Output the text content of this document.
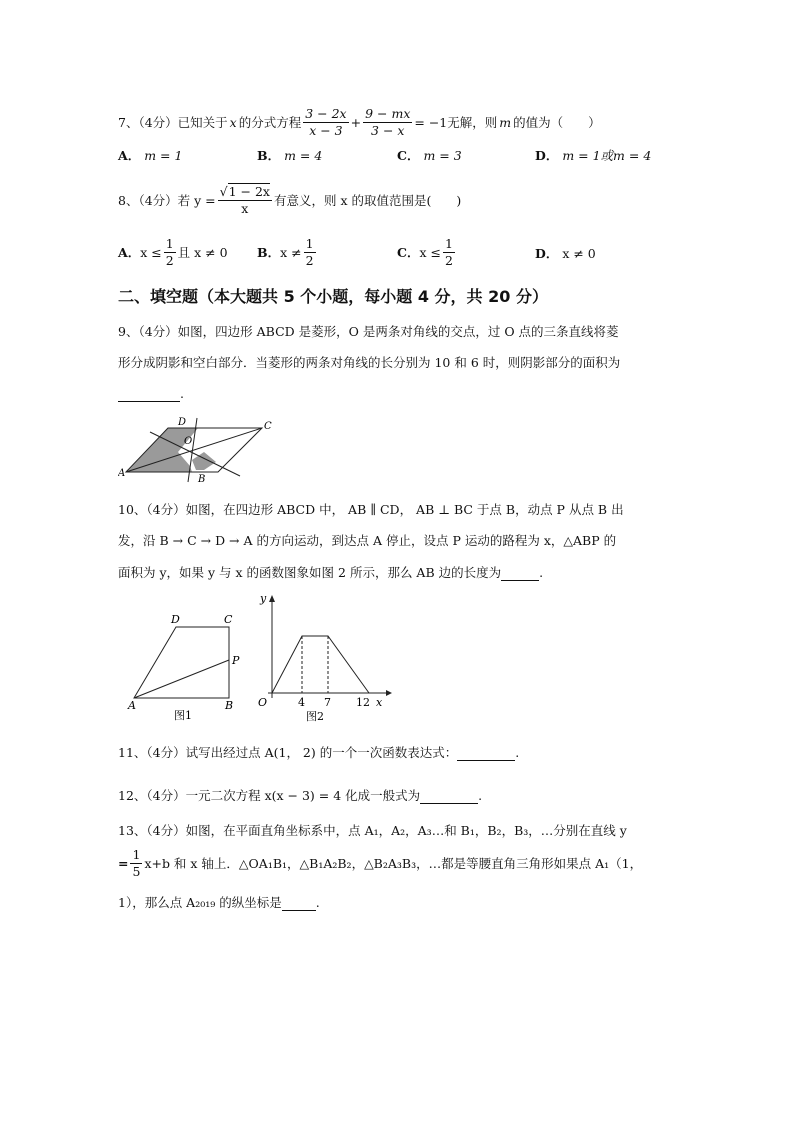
7、（4分）已知关于 x 的分式方程 $\frac{3 - 2x}{x - 3} + \frac{9 - mx}{3 - x} = -1$ 无解，则 m 的值为（　　）
A． m = 1	B． m = 4	C． m = 3	D． m = 1或m = 4
8、（4分）若 $y = \frac{√1 - 2x}{x}$ 有意义，则 x 的取值范围是(　　)
A． $x \le \frac{1}{2}$ 且 x ≠ 0 B． $x \ne \frac{1}{2}$	C． $x \le \frac{1}{2}$	D． x ≠ 0
二、填空题（本大题共 5 个小题，每小题 4 分，共 20 分）
9、（4分）如图，四边形 ABCD 是菱形，O 是两条对角线的交点，过 O 点的三条直线将菱
形分成阴影和空白部分．当菱形的两条对角线的长分别为 10 和 6 时，则阴影部分的面积为
.
D	C
O
A
B
10、（4分）如图，在四边形 ABCD 中， AB ∥ CD， AB ⊥ BC 于点 B，动点 P 从点 B 出
发，沿 B → C → D → A 的方向运动，到达点 A 停止，设点 P 运动的路程为 x，△ABP 的
面积为 y，如果 y 与 x 的函数图象如图 2 所示，那么 AB 边的长度为	.
D	C
P
A	B
图1
y
x
O	4 7 12
图2
11、（4分）试写出经过点 A(1， 2) 的一个一次函数表达式：	.
12、（4分）一元二次方程 x(x − 3) = 4 化成一般式为	.
13、（4分）如图，在平面直角坐标系中，点 A₁，A₂，A₃…和 B₁，B₂，B₃，…分别在直线 y
= $\frac{1}{5} x+b$ 和 x 轴上．△OA₁B₁，△B₁A₂B₂，△B₂A₃B₃，…都是等腰直角三角形如果点 A₁（1，
1），那么点 A₂₀₁₉ 的纵坐标是	.
